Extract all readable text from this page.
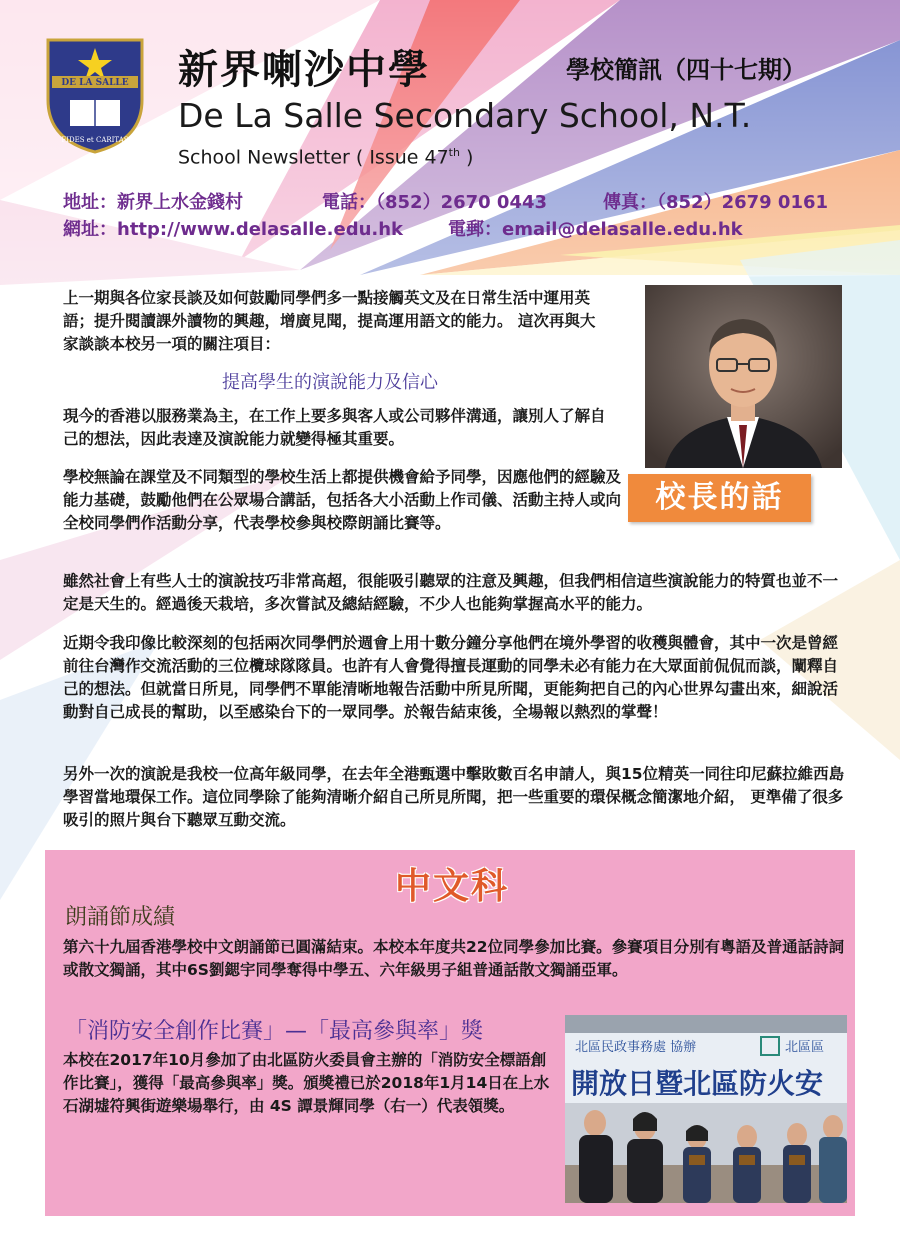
DE LA SALLE
FIDES et CARITAS
新界喇沙中學	學校簡訊（四十七期）
De La Salle Secondary School, N.T.
School Newsletter ( Issue 47th )
地址：新界上水金錢村	電話：（852）2670 0443	傳真：（852）2679 0161
網址：http://www.delasalle.edu.hk 電郵：email@delasalle.edu.hk
上一期與各位家長談及如何鼓勵同學們多一點接觸英文及在日常生活中運用英語；提升閱讀課外讀物的興趣，增廣見聞，提高運用語文的能力。 這次再與大家談談本校另一項的關注項目：
提高學生的演說能力及信心
現今的香港以服務業為主，在工作上要多與客人或公司夥伴溝通，讓別人了解自己的想法，因此表達及演說能力就變得極其重要。
學校無論在課堂及不同類型的學校生活上都提供機會給予同學，因應他們的經驗及能力基礎，鼓勵他們在公眾場合講話，包括各大小活動上作司儀、活動主持人或向全校同學們作活動分享，代表學校參與校際朗誦比賽等。
校長的話
雖然社會上有些人士的演說技巧非常高超，很能吸引聽眾的注意及興趣，但我們相信這些演說能力的特質也並不一定是天生的。經過後天栽培，多次嘗試及總結經驗，不少人也能夠掌握高水平的能力。
近期令我印像比較深刻的包括兩次同學們於週會上用十數分鐘分享他們在境外學習的收穫與體會，其中一次是曾經前往台灣作交流活動的三位欖球隊隊員。也許有人會覺得擅長運動的同學未必有能力在大眾面前侃侃而談，闡釋自己的想法。但就當日所見，同學們不單能清晰地報告活動中所見所聞，更能夠把自己的內心世界勾畫出來，細說活動對自己成長的幫助，以至感染台下的一眾同學。於報告結束後，全場報以熱烈的掌聲！
另外一次的演說是我校一位高年級同學，在去年全港甄選中擊敗數百名申請人，與15位精英一同往印尼蘇拉維西島學習當地環保工作。這位同學除了能夠清晰介紹自己所見所聞，把一些重要的環保概念簡潔地介紹， 更準備了很多吸引的照片與台下聽眾互動交流。
中文科
朗誦節成績
第六十九屆香港學校中文朗誦節已圓滿結束。本校本年度共22位同學參加比賽。參賽項目分別有粵語及普通話詩詞或散文獨誦，其中6S劉鍶宇同學奪得中學五、六年級男子組普通話散文獨誦亞軍。
「消防安全創作比賽」—「最高參與率」獎
本校在2017年10月參加了由北區防火委員會主辦的「消防安全標語創作比賽」，獲得「最高參與率」獎。頒獎禮已於2018年1月14日在上水石湖墟符興街遊樂場舉行，由 4S 譚景輝同學（右一）代表領獎。
北區民政事務處 協辦	北區區
開放日暨北區防火安
